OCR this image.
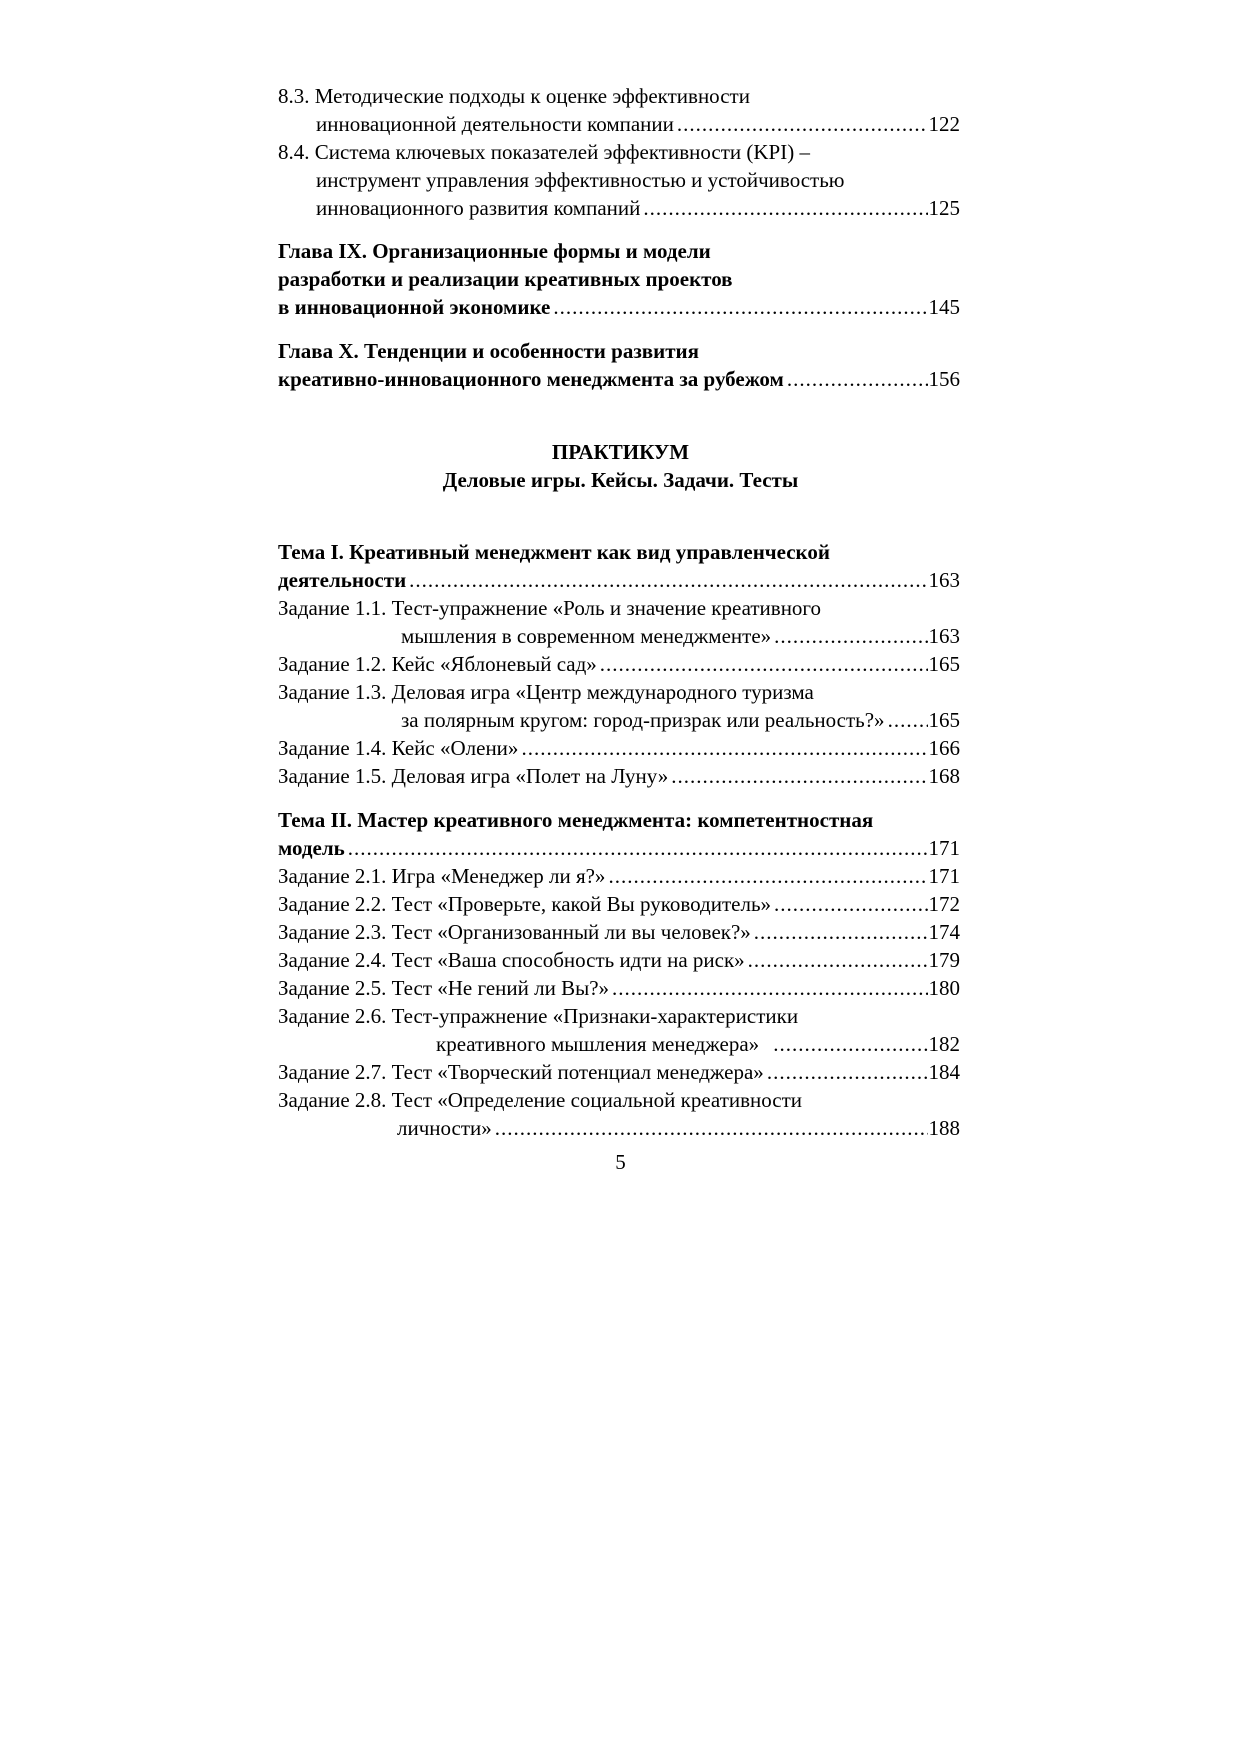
8.3. Методические подходы к оценке эффективности
инновационной деятельности компании .....	122
8.4. Система ключевых показателей эффективности (KPI) –
инструмент управления эффективностью и устойчивостью
инновационного развития компаний .....	125
Глава IX. Организационные формы и модели
разработки и реализации креативных проектов
в инновационной экономике .....	145
Глава X. Тенденции и особенности развития
креативно-инновационного менеджмента за рубежом .....	156
ПРАКТИКУМ
Деловые игры. Кейсы. Задачи. Тесты
Тема I. Креативный менеджмент как вид управленческой
деятельности .....	163
Задание 1.1. Тест-упражнение «Роль и значение креативного
мышления в современном менеджменте» .....	163
Задание 1.2. Кейс «Яблоневый сад» .....	165
Задание 1.3. Деловая игра «Центр международного туризма
за полярным кругом: город-призрак или реальность?» ..... 165
Задание 1.4. Кейс «Олени» .....	166
Задание 1.5. Деловая игра «Полет на Луну» .....	168
Тема II. Мастер креативного менеджмента: компетентностная
модель .....	171
Задание 2.1. Игра «Менеджер ли я?» .....	171
Задание 2.2. Тест «Проверьте, какой Вы руководитель» .....	172
Задание 2.3. Тест «Организованный ли вы человек?» .....	174
Задание 2.4. Тест «Ваша способность идти на риск» .....	179
Задание 2.5. Тест «Не гений ли Вы?» .....	180
Задание 2.6. Тест-упражнение «Признаки-характеристики
креативного мышления менеджера» .....	182
Задание 2.7. Тест «Творческий потенциал менеджера» .....	184
Задание 2.8. Тест «Определение социальной креативности
личности» .....	188
5
